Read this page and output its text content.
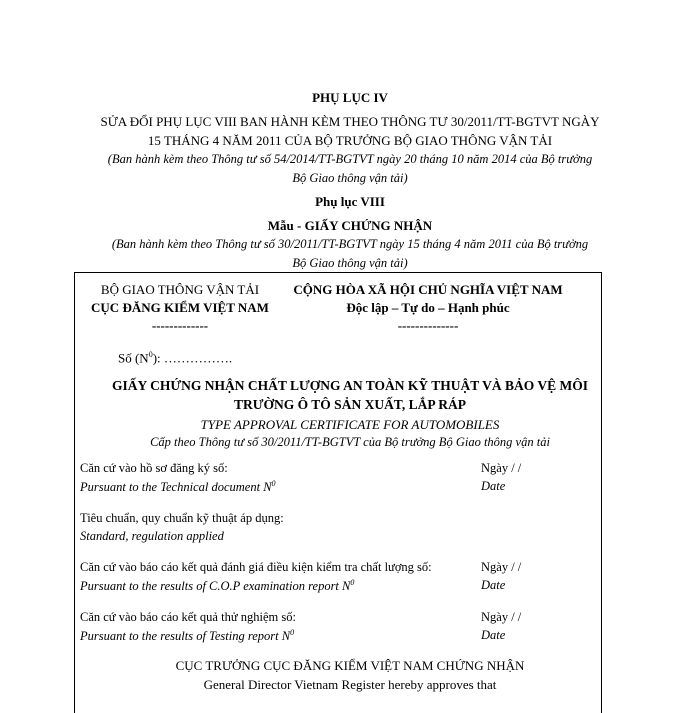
PHỤ LỤC IV
SỬA ĐỔI PHỤ LỤC VIII BAN HÀNH KÈM THEO THÔNG TƯ 30/2011/TT-BGTVT NGÀY
15 THÁNG 4 NĂM 2011 CỦA BỘ TRƯỞNG BỘ GIAO THÔNG VẬN TẢI
(Ban hành kèm theo Thông tư số 54/2014/TT-BGTVT ngày 20 tháng 10 năm 2014 của Bộ trưởng
Bộ Giao thông vận tải)
Phụ lục VIII
Mẫu - GIẤY CHỨNG NHẬN
(Ban hành kèm theo Thông tư số 30/2011/TT-BGTVT ngày 15 tháng 4 năm 2011 của Bộ trưởng
Bộ Giao thông vận tải)
BỘ GIAO THÔNG VẬN TẢI
CỤC ĐĂNG KIỂM VIỆT NAM
-------------
CỘNG HÒA XÃ HỘI CHỦ NGHĨA VIỆT NAM
Độc lập – Tự do – Hạnh phúc
--------------
Số $(N^0)$: …………….
GIẤY CHỨNG NHẬN CHẤT LƯỢNG AN TOÀN KỸ THUẬT VÀ BẢO VỆ MÔI
TRƯỜNG Ô TÔ SẢN XUẤT, LẮP RÁP
TYPE APPROVAL CERTIFICATE FOR AUTOMOBILES
Cấp theo Thông tư số 30/2011/TT-BGTVT của Bộ trưởng Bộ Giao thông vận tải
Căn cứ vào hồ sơ đăng ký số:
Pursuant to the Technical document $N^0$
Ngày / /
Date
Tiêu chuẩn, quy chuẩn kỹ thuật áp dụng:
Standard, regulation applied
Căn cứ vào báo cáo kết quả đánh giá điều kiện kiểm tra chất lượng số:
Pursuant to the results of C.O.P examination report $N^0$
Ngày / /
Date
Căn cứ vào báo cáo kết quả thử nghiệm số:
Pursuant to the results of Testing report $N^0$
Ngày / /
Date
CỤC TRƯỞNG CỤC ĐĂNG KIỂM VIỆT NAM CHỨNG NHẬN
General Director Vietnam Register hereby approves that
